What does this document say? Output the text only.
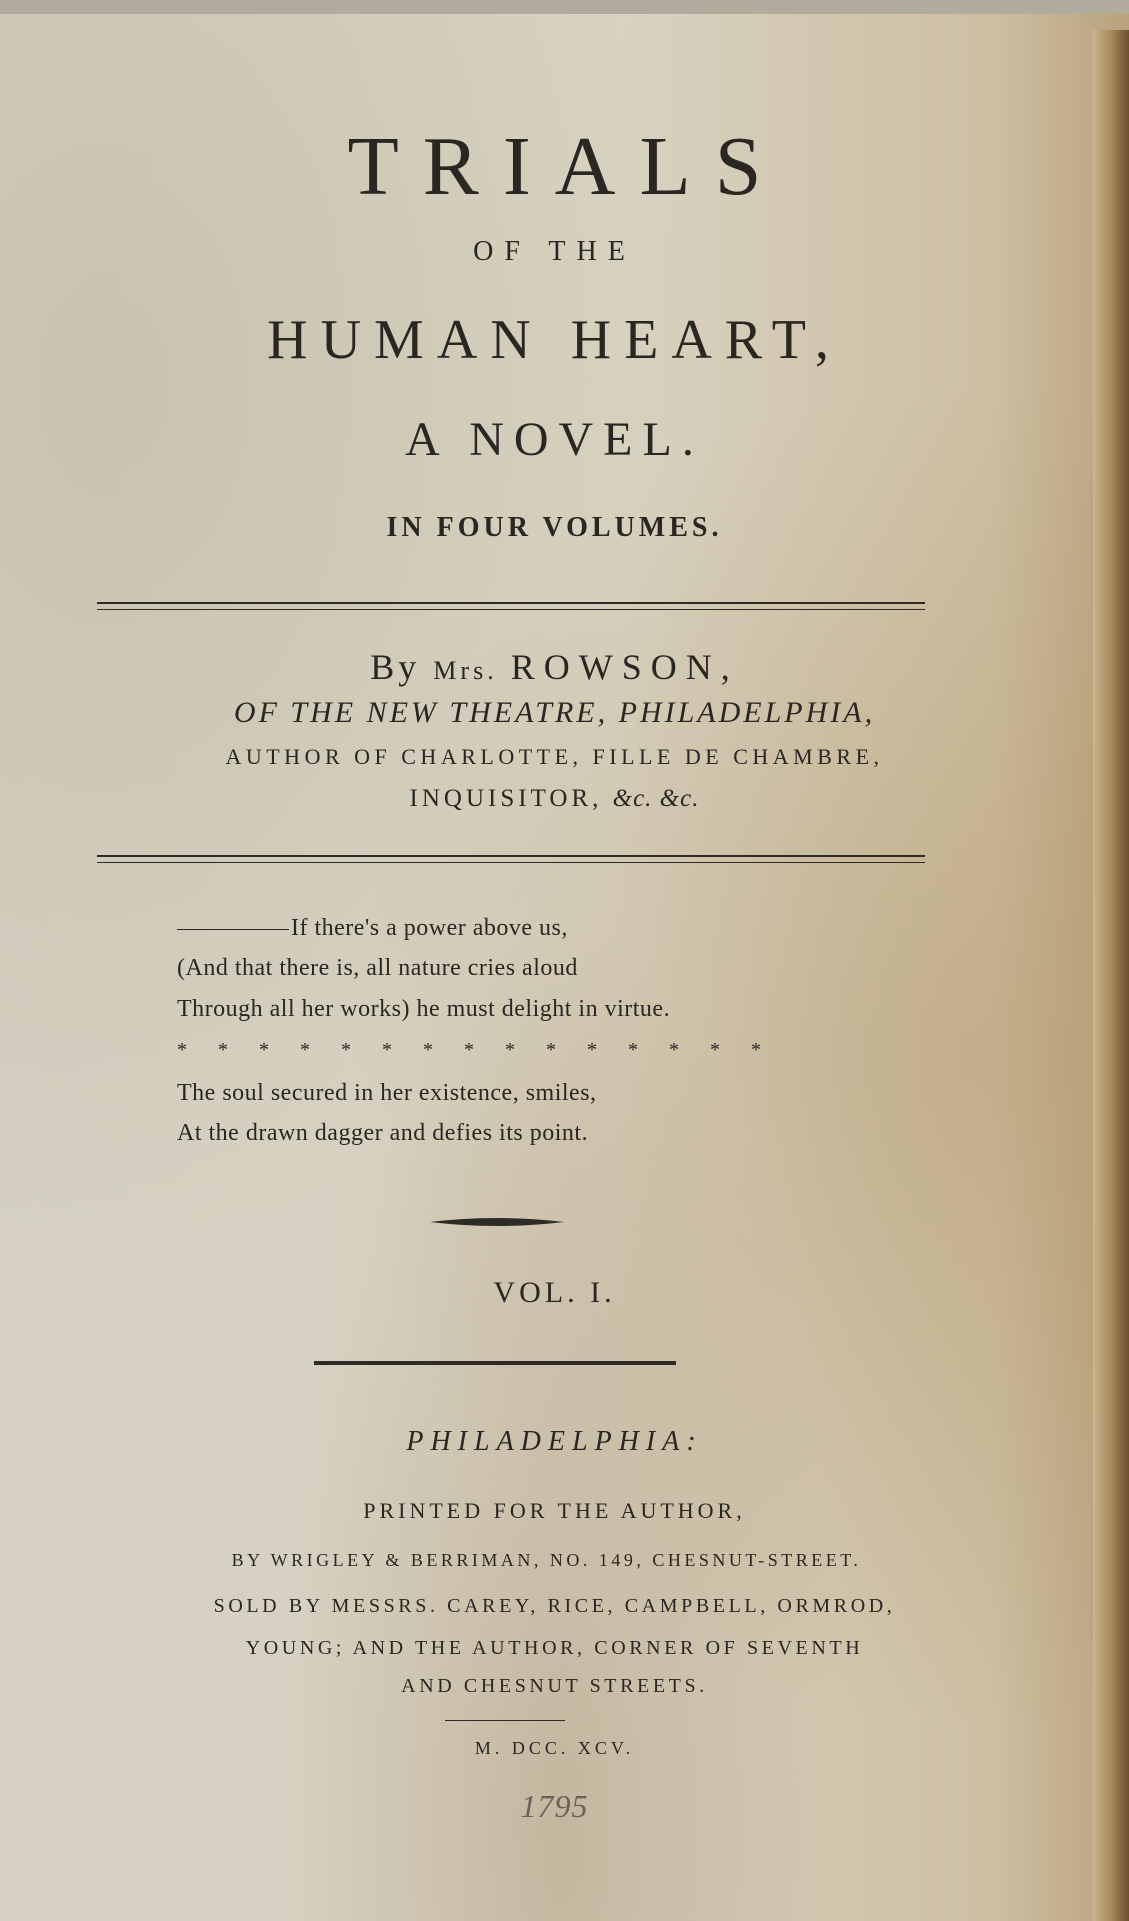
TRIALS
OF THE
HUMAN HEART,
A NOVEL.
IN FOUR VOLUMES.
By Mrs. ROWSON,
OF THE NEW THEATRE, PHILADELPHIA,
AUTHOR OF CHARLOTTE, FILLE DE CHAMBRE,
INQUISITOR, &c. &c.
If there's a power above us,
(And that there is, all nature cries aloud
Through all her works) he must delight in virtue.
* * * * * * * * * * * * * * *
The soul secured in her existence, smiles,
At the drawn dagger and defies its point.
VOL. I.
PHILADELPHIA:
PRINTED FOR THE AUTHOR,
BY WRIGLEY & BERRIMAN, NO. 149, CHESNUT-STREET.
SOLD BY MESSRS. CAREY, RICE, CAMPBELL, ORMROD,
YOUNG; AND THE AUTHOR, CORNER OF SEVENTH
AND CHESNUT STREETS.
M. DCC. XCV.
1795
